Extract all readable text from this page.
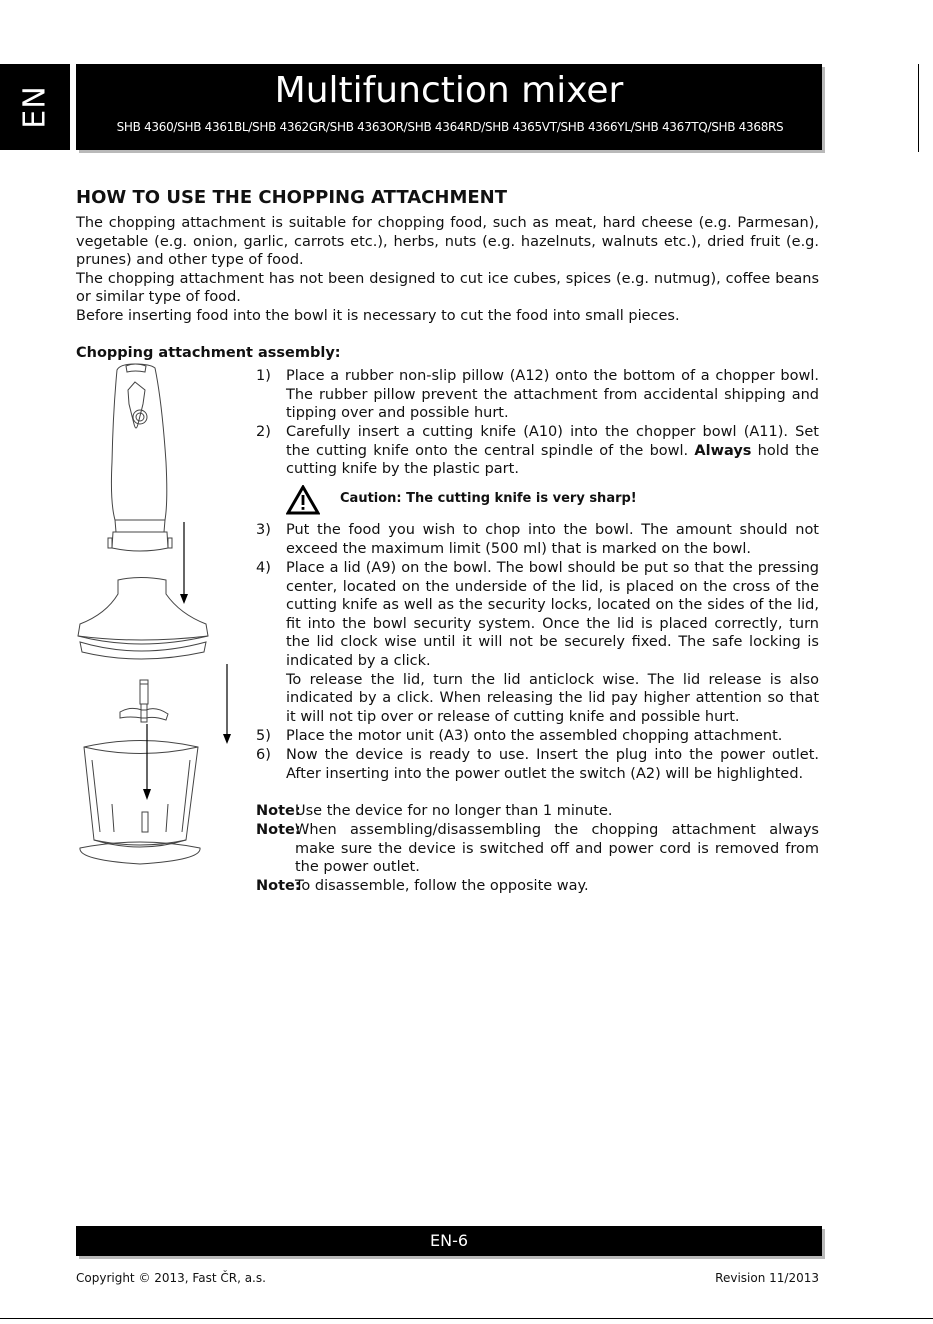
EN	Multifunction mixer
SHB 4360/SHB 4361BL/SHB 4362GR/SHB 4363OR/SHB 4364RD/SHB 4365VT/SHB 4366YL/SHB 4367TQ/SHB 4368RS
HOW TO USE THE CHOPPING ATTACHMENT

The chopping attachment is suitable for chopping food, such as meat, hard cheese (e.g. Parmesan), vegetable (e.g. onion, garlic, carrots etc.), herbs, nuts (e.g. hazelnuts, walnuts etc.), dried fruit (e.g. prunes) and other type of food.

The chopping attachment has not been designed to cut ice cubes, spices (e.g. nutmug), coffee beans or similar type of food.

Before inserting food into the bowl it is necessary to cut the food into small pieces.

Chopping attachment assembly:
1) Place a rubber non-slip pillow (A12) onto the bottom of a chopper bowl. The rubber pillow prevent the attachment from accidental shipping and tipping over and possible hurt.
2) Carefully insert a cutting knife (A10) into the chopper bowl (A11). Set the cutting knife onto the central spindle of the bowl. Always hold the cutting knife by the plastic part.
Caution: The cutting knife is very sharp!
3) Put the food you wish to chop into the bowl. The amount should not exceed the maximum limit (500 ml) that is marked on the bowl.
4) Place a lid (A9) on the bowl. The bowl should be put so that the pressing center, located on the underside of the lid, is placed on the cross of the cutting knife as well as the security locks, located on the sides of the lid, fit into the bowl security system. Once the lid is placed correctly, turn the lid clock wise until it will not be securely fixed. The safe locking is indicated by a click.
To release the lid, turn the lid anticlock wise. The lid release is also indicated by a click. When releasing the lid pay higher attention so that it will not tip over or release of cutting knife and possible hurt.
5) Place the motor unit (A3) onto the assembled chopping attachment.
6) Now the device is ready to use. Insert the plug into the power outlet. After inserting into the power outlet the switch (A2) will be highlighted.
Note:
Use the device for no longer than 1 minute.
Note:
When assembling/disassembling the chopping attachment always make sure the device is switched off and power cord is removed from the power outlet.
Note:
To disassemble, follow the opposite way.
EN-6
Copyright © 2013, Fast ČR, a.s.	Revision 11/2013
